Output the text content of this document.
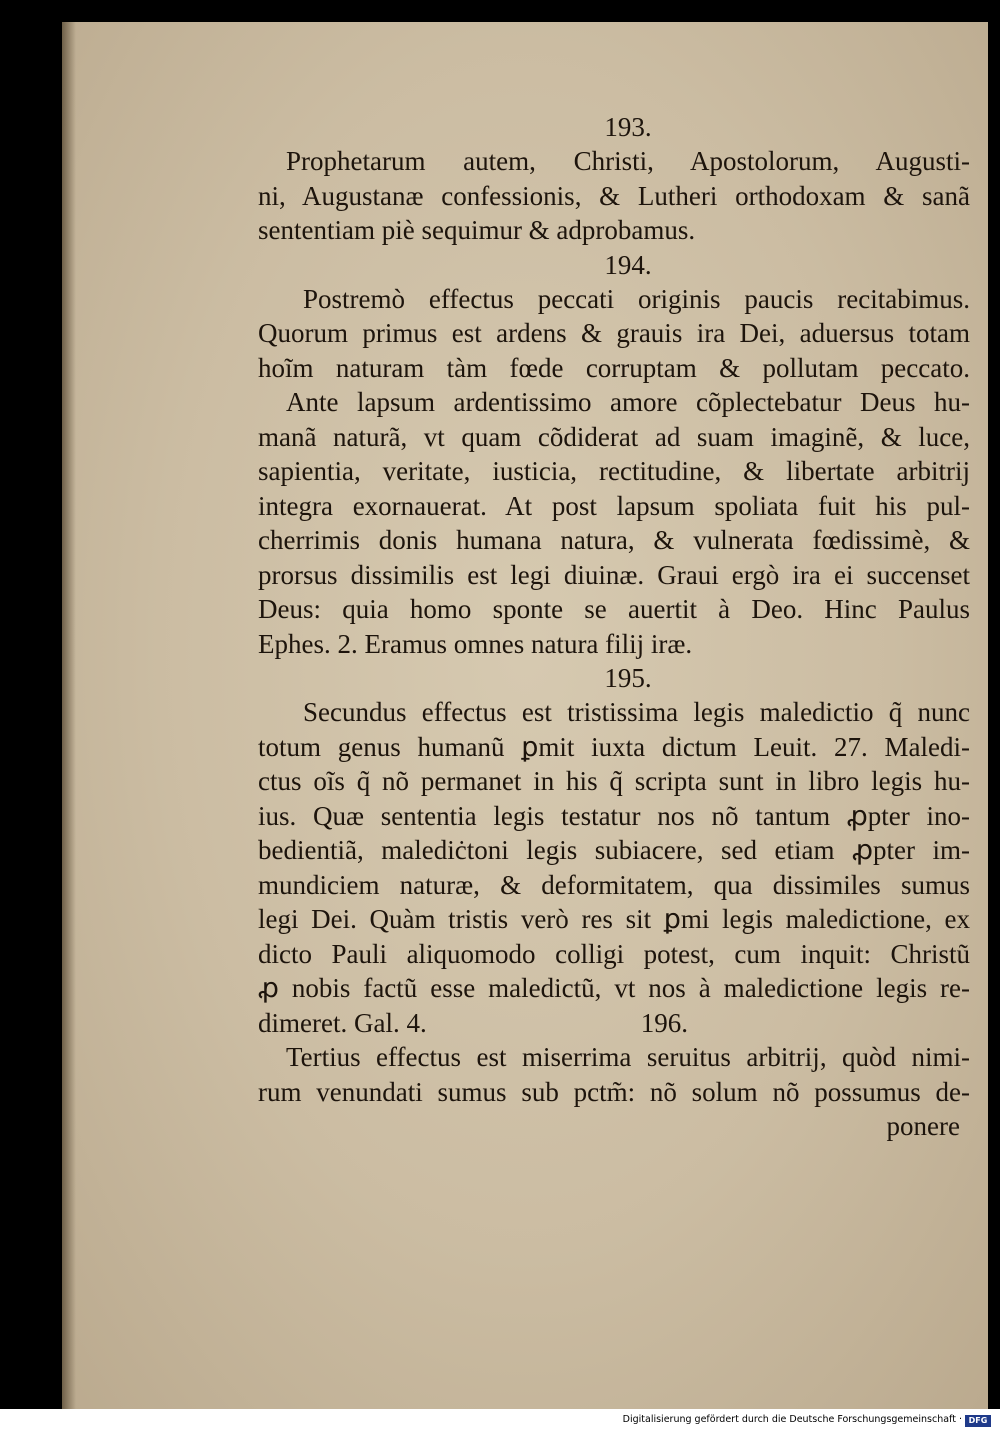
193.
Prophetarum autem, Christi, Apostolorum, Augusti-
ni, Augustanæ confessionis, & Lutheri orthodoxam & sanã
sententiam piè sequimur & adprobamus.
194.
Postremò effectus peccati originis paucis recitabimus.
Quorum primus est ardens & grauis ira Dei, aduersus totam
hoĩm naturam tàm fœde corruptam & pollutam peccato.
Ante lapsum ardentissimo amore cõplectebatur Deus hu-
manã naturã, vt quam cõdiderat ad suam imaginẽ, & luce,
sapientia, veritate, iusticia, rectitudine, & libertate arbitrij
integra exornauerat. At post lapsum spoliata fuit his pul-
cherrimis donis humana natura, & vulnerata fœdissimè, &
prorsus dissimilis est legi diuinæ. Graui ergò ira ei succenset
Deus: quia homo sponte se auertit à Deo. Hinc Paulus
Ephes. 2. Eramus omnes natura filij iræ.
195.
Secundus effectus est tristissima legis maledictio q̃ nunc
totum genus humanũ ꝑmit iuxta dictum Leuit. 27. Maledi-
ctus oĩs q̃ nõ permanet in his q̃ scripta sunt in libro legis hu-
ius. Quæ sententia legis testatur nos nõ tantum ꝓpter ino-
bedientiã, malediċtoni legis subiacere, sed etiam ꝓpter im-
mundiciem naturæ, & deformitatem, qua dissimiles sumus
legi Dei. Quàm tristis verò res sit ꝑmi legis maledictione, ex
dicto Pauli aliquomodo colligi potest, cum inquit: Christũ
ꝓ nobis factũ esse maledictũ, vt nos à maledictione legis re-
dimeret. Gal. 4.	196.
Tertius effectus est miserrima seruitus arbitrij, quòd nimi-
rum venundati sumus sub pctm̃: nõ solum nõ possumus de-
ponere
Digitalisierung gefördert durch die Deutsche Forschungsgemeinschaft · DFG
